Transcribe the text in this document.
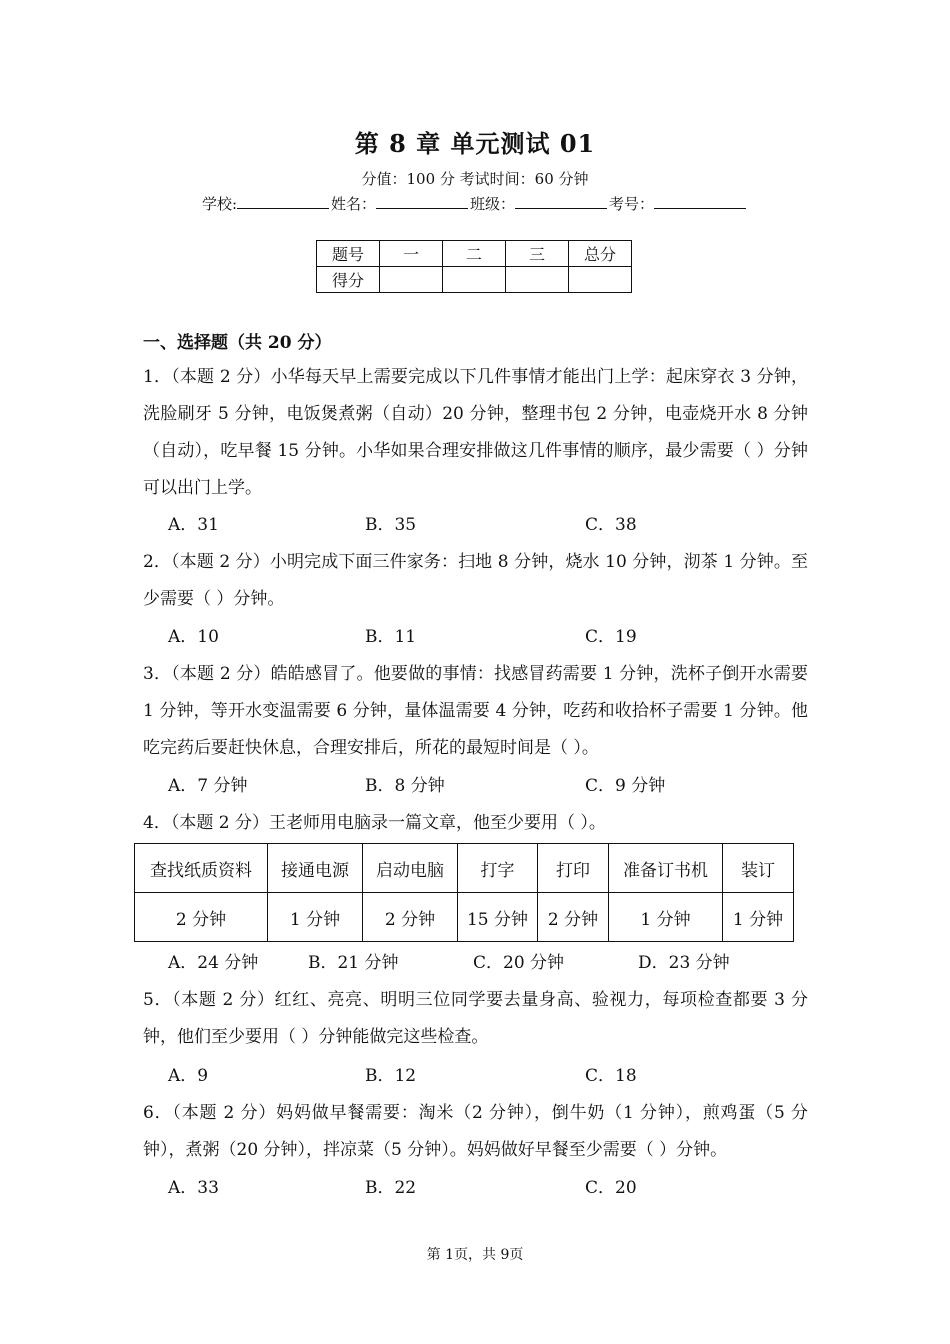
第 8 章 单元测试 01
分值：100 分 考试时间：60 分钟
学校:	姓名：	班级：	考号：
题号	一	二	三	总分
得分				
一、选择题（共 20 分）
1．（本题 2 分）小华每天早上需要完成以下几件事情才能出门上学：起床穿衣 3 分钟，洗脸刷牙 5 分钟，电饭煲煮粥（自动）20 分钟，整理书包 2 分钟，电壶烧开水 8 分钟（自动），吃早餐 15 分钟。小华如果合理安排做这几件事情的顺序，最少需要（ ）分钟可以出门上学。
A．31	B．35	C．38
2．（本题 2 分）小明完成下面三件家务：扫地 8 分钟，烧水 10 分钟，沏茶 1 分钟。至少需要（ ）分钟。
A．10	B．11	C．19
3．（本题 2 分）皓皓感冒了。他要做的事情：找感冒药需要 1 分钟，洗杯子倒开水需要 1 分钟，等开水变温需要 6 分钟，量体温需要 4 分钟，吃药和收拾杯子需要 1 分钟。他吃完药后要赶快休息，合理安排后，所花的最短时间是（ ）。
A．7 分钟	B．8 分钟	C．9 分钟
4．（本题 2 分）王老师用电脑录一篇文章，他至少要用（ ）。
查找纸质资料	接通电源	启动电脑	打字	打印	准备订书机	装订
2 分钟	1 分钟	2 分钟	15 分钟	2 分钟	1 分钟	1 分钟
A．24 分钟	B．21 分钟	C．20 分钟	D．23 分钟
5．（本题 2 分）红红、亮亮、明明三位同学要去量身高、验视力，每项检查都要 3 分钟，他们至少要用（ ）分钟能做完这些检查。
A．9	B．12	C．18
6．（本题 2 分）妈妈做早餐需要：淘米（2 分钟），倒牛奶（1 分钟），煎鸡蛋（5 分钟），煮粥（20 分钟），拌凉菜（5 分钟）。妈妈做好早餐至少需要（ ）分钟。
A．33	B．22	C．20
第 1页，共 9页
